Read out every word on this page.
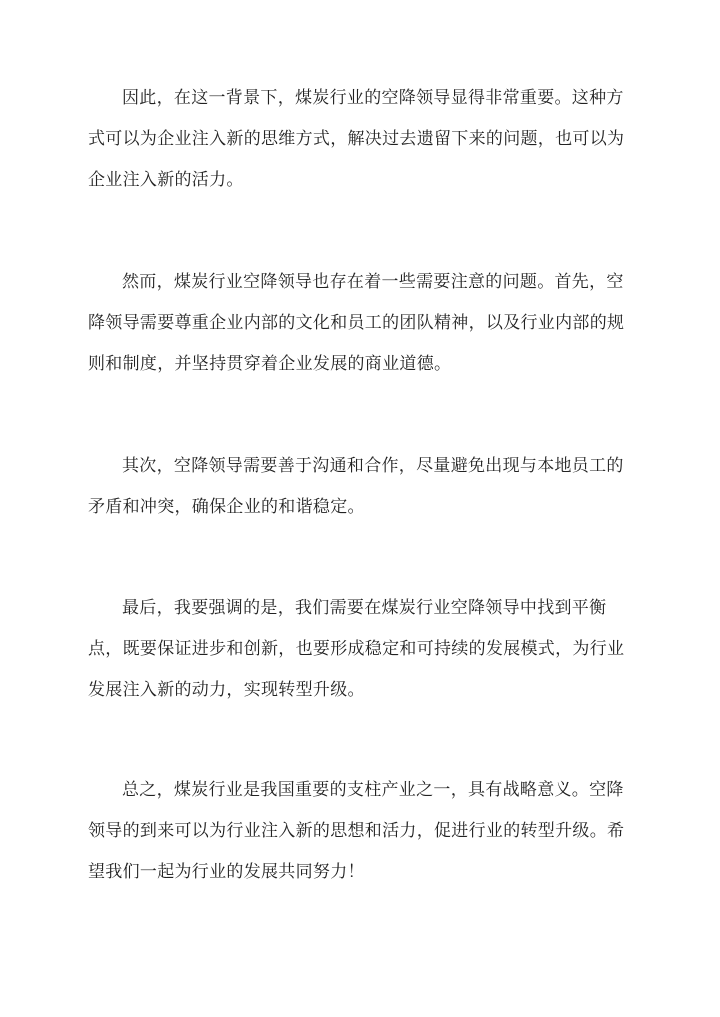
因此，在这一背景下，煤炭行业的空降领导显得非常重要。这种方式可以为企业注入新的思维方式，解决过去遗留下来的问题，也可以为企业注入新的活力。

然而，煤炭行业空降领导也存在着一些需要注意的问题。首先，空降领导需要尊重企业内部的文化和员工的团队精神，以及行业内部的规则和制度，并坚持贯穿着企业发展的商业道德。

其次，空降领导需要善于沟通和合作，尽量避免出现与本地员工的矛盾和冲突，确保企业的和谐稳定。

最后，我要强调的是，我们需要在煤炭行业空降领导中找到平衡点，既要保证进步和创新，也要形成稳定和可持续的发展模式，为行业发展注入新的动力，实现转型升级。

总之，煤炭行业是我国重要的支柱产业之一，具有战略意义。空降领导的到来可以为行业注入新的思想和活力，促进行业的转型升级。希望我们一起为行业的发展共同努力！
